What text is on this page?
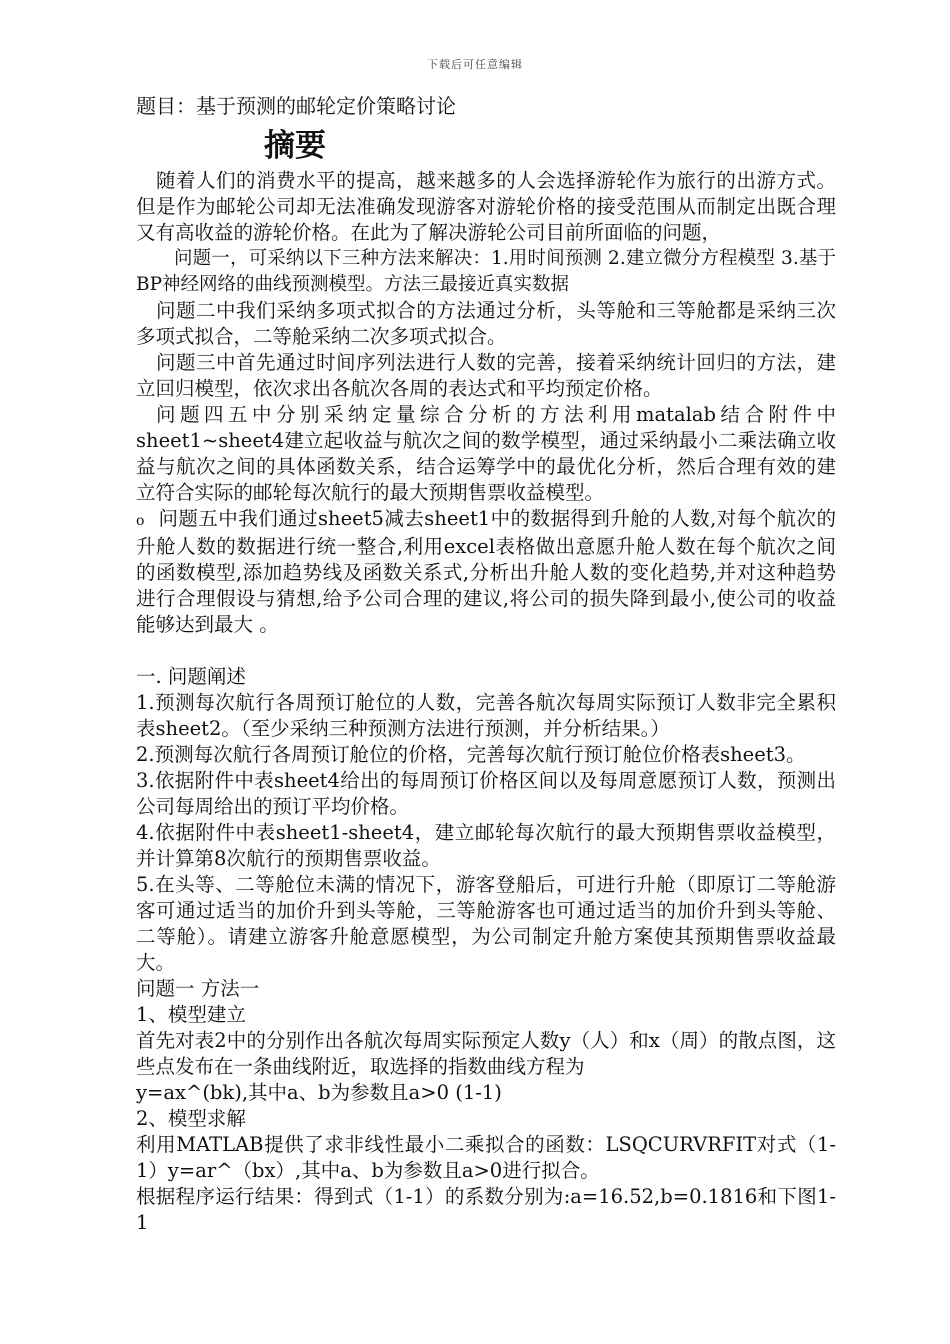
下载后可任意编辑

题目：基于预测的邮轮定价策略讨论

摘要

随着人们的消费水平的提高，越来越多的人会选择游轮作为旅行的出游方式。但是作为邮轮公司却无法准确发现游客对游轮价格的接受范围从而制定出既合理又有高收益的游轮价格。在此为了解决游轮公司目前所面临的问题，

问题一，可采纳以下三种方法来解决：1.用时间预测 2.建立微分方程模型 3.基于BP神经网络的曲线预测模型。方法三最接近真实数据

问题二中我们采纳多项式拟合的方法通过分析，头等舱和三等舱都是采纳三次多项式拟合，二等舱采纳二次多项式拟合。

问题三中首先通过时间序列法进行人数的完善，接着采纳统计回归的方法，建立回归模型，依次求出各航次各周的表达式和平均预定价格。

问题四五中分别采纳定量综合分析的方法利用matalab结合附件中sheet1~sheet4建立起收益与航次之间的数学模型，通过采纳最小二乘法确立收益与航次之间的具体函数关系，结合运筹学中的最优化分析，然后合理有效的建立符合实际的邮轮每次航行的最大预期售票收益模型。

o 问题五中我们通过sheet5减去sheet1中的数据得到升舱的人数,对每个航次的升舱人数的数据进行统一整合,利用excel表格做出意愿升舱人数在每个航次之间的函数模型,添加趋势线及函数关系式,分析出升舱人数的变化趋势,并对这种趋势进行合理假设与猜想,给予公司合理的建议,将公司的损失降到最小,使公司的收益能够达到最大 。

一. 问题阐述

1.预测每次航行各周预订舱位的人数，完善各航次每周实际预订人数非完全累积表sheet2。（至少采纳三种预测方法进行预测，并分析结果。）

2.预测每次航行各周预订舱位的价格，完善每次航行预订舱位价格表sheet3。

3.依据附件中表sheet4给出的每周预订价格区间以及每周意愿预订人数，预测出公司每周给出的预订平均价格。

4.依据附件中表sheet1-sheet4，建立邮轮每次航行的最大预期售票收益模型，并计算第8次航行的预期售票收益。

5.在头等、二等舱位未满的情况下，游客登船后，可进行升舱（即原订二等舱游客可通过适当的加价升到头等舱，三等舱游客也可通过适当的加价升到头等舱、二等舱）。请建立游客升舱意愿模型，为公司制定升舱方案使其预期售票收益最大。

问题一 方法一

1、模型建立

首先对表2中的分别作出各航次每周实际预定人数y（人）和x（周）的散点图，这些点发布在一条曲线附近，取选择的指数曲线方程为

y=ax^(bk),其中a、b为参数且a>0 (1-1)

2、模型求解

利用MATLAB提供了求非线性最小二乘拟合的函数：LSQCURVRFIT对式（1-1）y=ar^（bx）,其中a、b为参数且a>0进行拟合。

根据程序运行结果：得到式（1-1）的系数分别为:a=16.52,b=0.1816和下图1-1
